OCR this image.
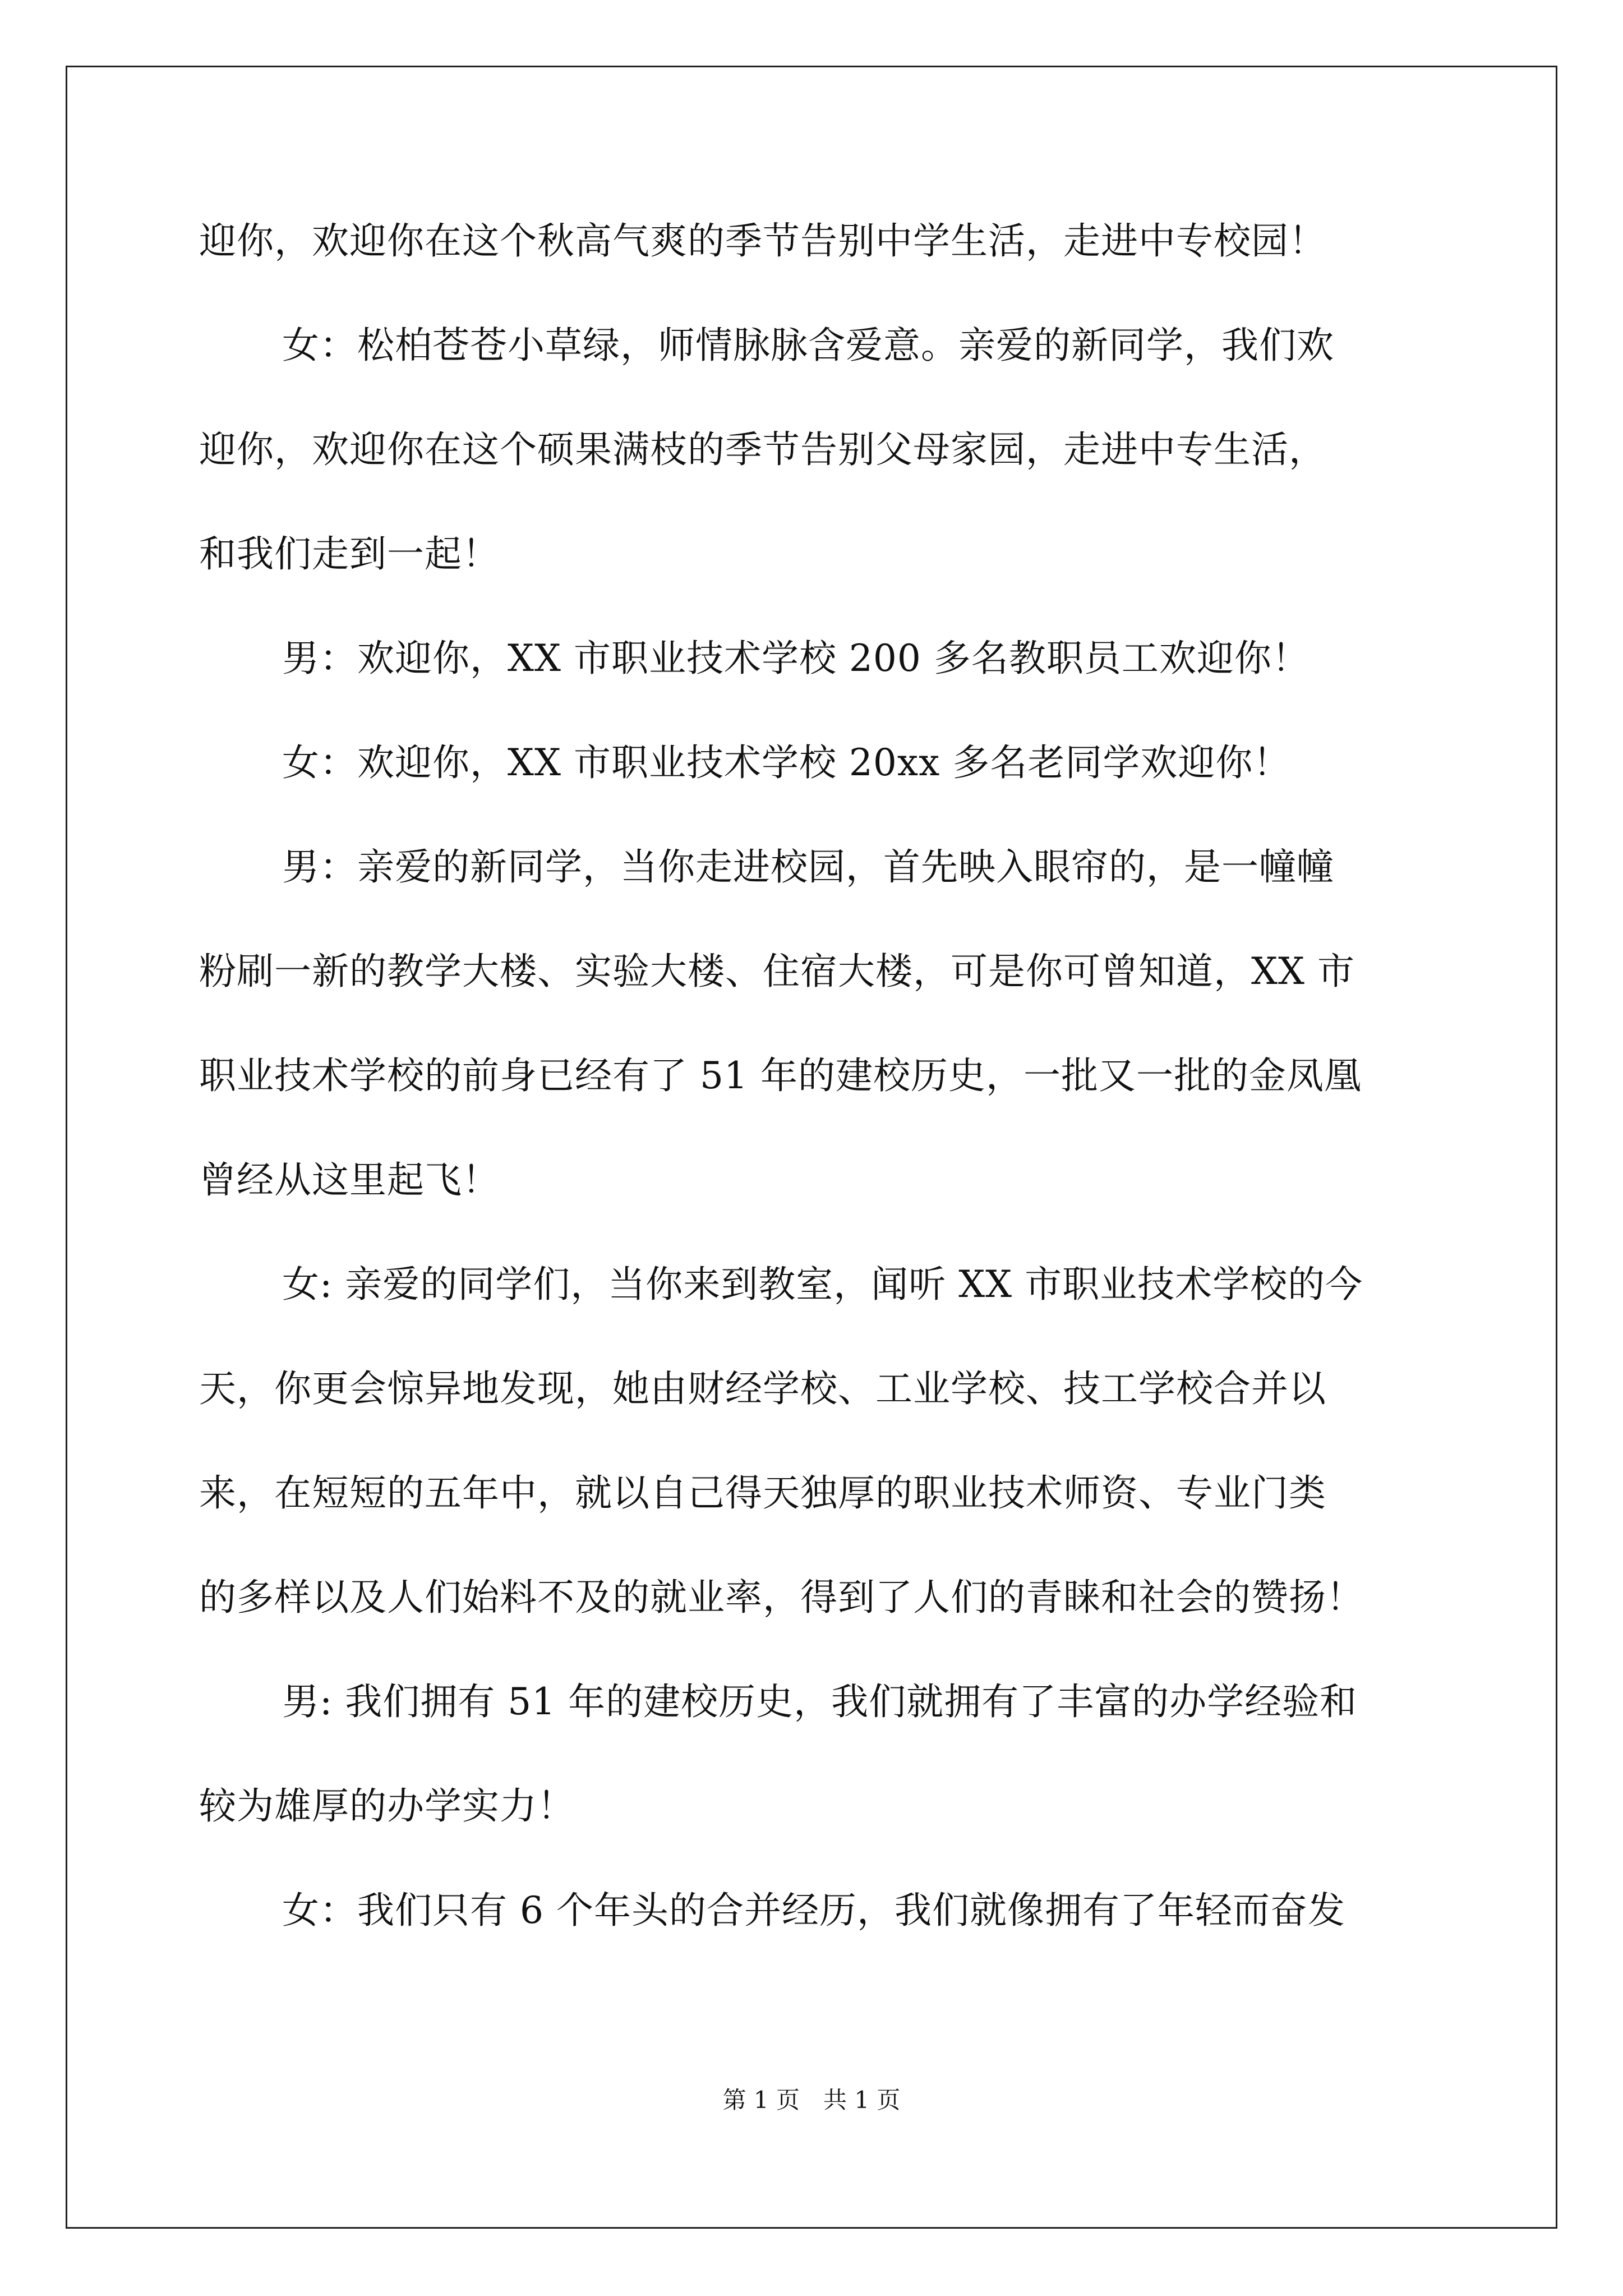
迎你，欢迎你在这个秋高气爽的季节告别中学生活，走进中专校园！
女：松柏苍苍小草绿，师情脉脉含爱意。亲爱的新同学，我们欢
迎你，欢迎你在这个硕果满枝的季节告别父母家园，走进中专生活，
和我们走到一起！
男：欢迎你，XX 市职业技术学校 200 多名教职员工欢迎你！
女：欢迎你，XX 市职业技术学校 20xx 多名老同学欢迎你！
男：亲爱的新同学，当你走进校园，首先映入眼帘的，是一幢幢
粉刷一新的教学大楼、实验大楼、住宿大楼，可是你可曾知道，XX 市
职业技术学校的前身已经有了 51 年的建校历史，一批又一批的金凤凰
曾经从这里起飞！
女: 亲爱的同学们，当你来到教室，闻听 XX 市职业技术学校的今
天，你更会惊异地发现，她由财经学校、工业学校、技工学校合并以
来，在短短的五年中，就以自己得天独厚的职业技术师资、专业门类
的多样以及人们始料不及的就业率，得到了人们的青睐和社会的赞扬！
男: 我们拥有 51 年的建校历史，我们就拥有了丰富的办学经验和
较为雄厚的办学实力！
女：我们只有 6 个年头的合并经历，我们就像拥有了年轻而奋发
第 1 页　共 1 页
